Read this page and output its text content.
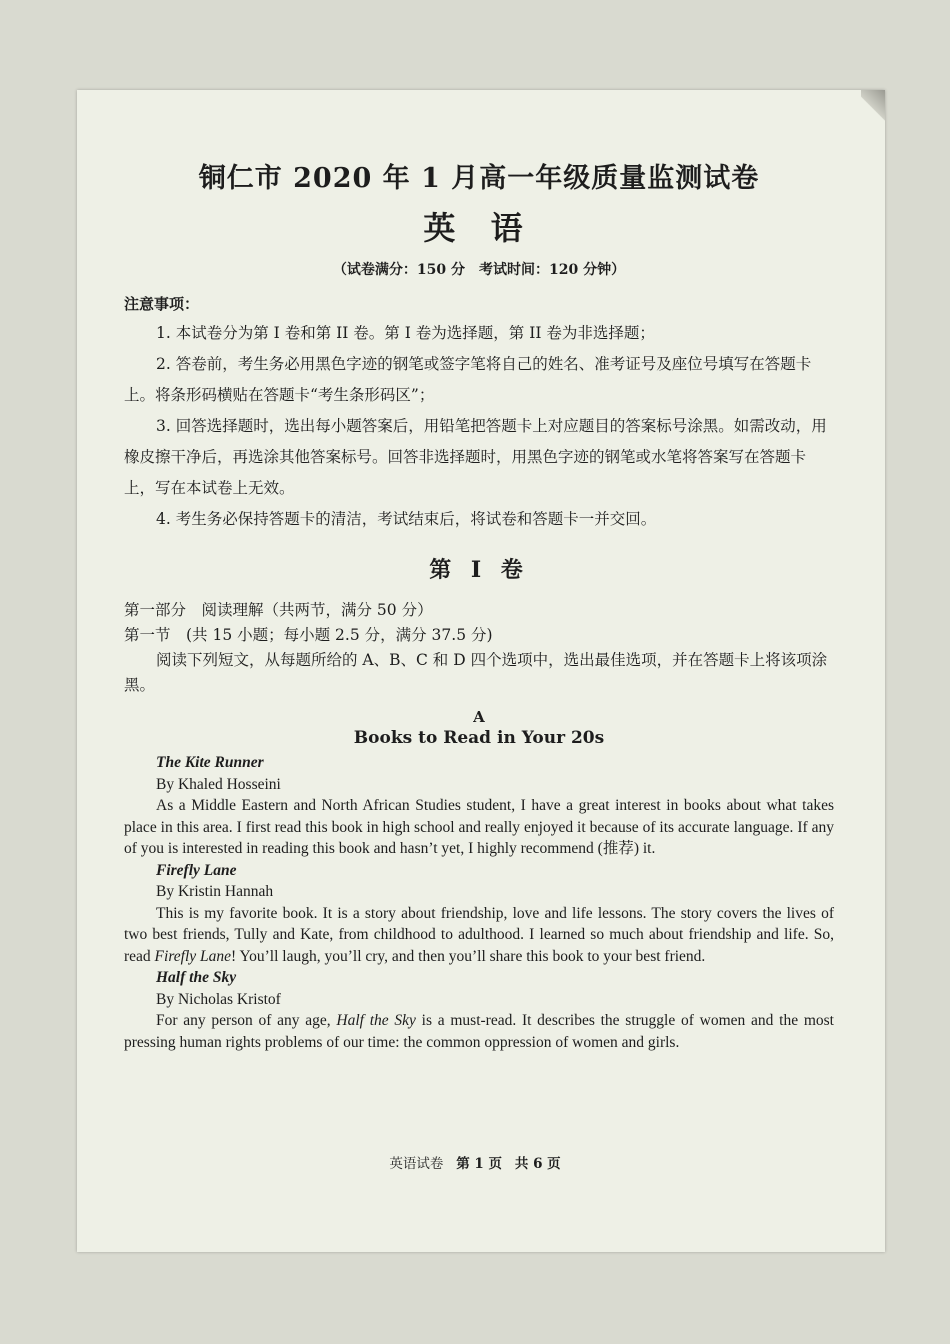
铜仁市 2020 年 1 月高一年级质量监测试卷
英 语
（试卷满分：150 分　考试时间：120 分钟）
注意事项：

1. 本试卷分为第 I 卷和第 II 卷。第 I 卷为选择题，第 II 卷为非选择题；

2. 答卷前，考生务必用黑色字迹的钢笔或签字笔将自己的姓名、准考证号及座位号填写在答题卡上。将条形码横贴在答题卡“考生条形码区”；

3. 回答选择题时，选出每小题答案后，用铅笔把答题卡上对应题目的答案标号涂黑。如需改动，用橡皮擦干净后，再选涂其他答案标号。回答非选择题时，用黑色字迹的钢笔或水笔将答案写在答题卡上，写在本试卷上无效。

4. 考生务必保持答题卡的清洁，考试结束后，将试卷和答题卡一并交回。

第 I 卷

第一部分　阅读理解（共两节，满分 50 分）

第一节　(共 15 小题；每小题 2.5 分，满分 37.5 分)

阅读下列短文，从每题所给的 A、B、C 和 D 四个选项中，选出最佳选项，并在答题卡上将该项涂黑。

A
Books to Read in Your 20s

The Kite Runner

By Khaled Hosseini

As a Middle Eastern and North African Studies student, I have a great interest in books about what takes place in this area. I first read this book in high school and really enjoyed it because of its accurate language. If any of you is interested in reading this book and hasn’t yet, I highly recommend (推荐) it.

Firefly Lane

By Kristin Hannah

This is my favorite book. It is a story about friendship, love and life lessons. The story covers the lives of two best friends, Tully and Kate, from childhood to adulthood. I learned so much about friendship and life. So, read Firefly Lane! You’ll laugh, you’ll cry, and then you’ll share this book to your best friend.

Half the Sky

By Nicholas Kristof

For any person of any age, Half the Sky is a must-read. It describes the struggle of women and the most pressing human rights problems of our time: the common oppression of women and girls.

英语试卷 第 1 页 共 6 页
